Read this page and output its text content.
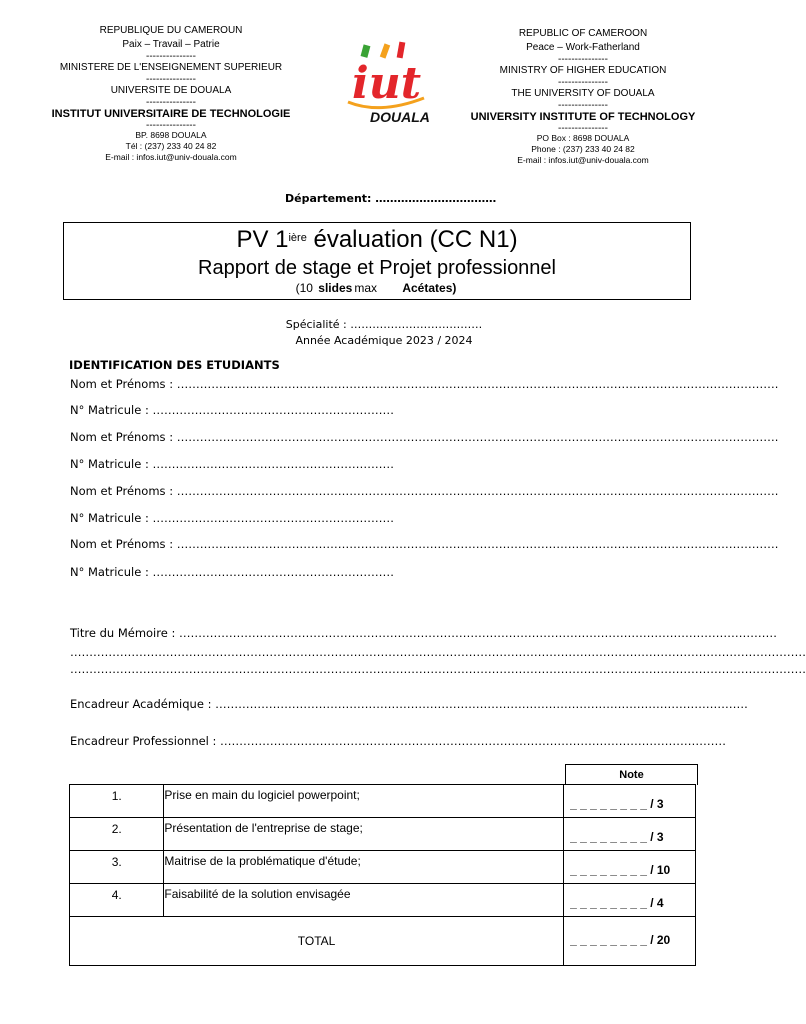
REPUBLIQUE DU CAMEROUN
Paix – Travail – Patrie
---------------
MINISTERE DE L'ENSEIGNEMENT SUPERIEUR
---------------
UNIVERSITE DE DOUALA
---------------
INSTITUT UNIVERSITAIRE DE TECHNOLOGIE
---------------
BP. 8698 DOUALA
Tél : (237) 233 40 24 82
E-mail : infos.iut@univ-douala.com
iut
DOUALA
REPUBLIC OF CAMEROON
Peace – Work-Fatherland
---------------
MINISTRY OF HIGHER EDUCATION
---------------
THE UNIVERSITY OF DOUALA
---------------
UNIVERSITY INSTITUTE OF TECHNOLOGY
---------------
PO Box : 8698 DOUALA
Phone : (237) 233 40 24 82
E-mail : infos.iut@univ-douala.com
Département: ……………………………
PV $1^{ière}$ évaluation (CC N1)
Rapport de stage et Projet professionnel
(10 slides max Acétates)
Spécialité : ………………………………
Année Académique 2023 / 2024
IDENTIFICATION DES ETUDIANTS
Nom et Prénoms : ………………………………………………………………………………………………………………………………………….
N° Matricule : ………………………………………………………
Nom et Prénoms : ………………………………………………………………………………………………………………………………………….
N° Matricule : ………………………………………………………
Nom et Prénoms : ………………………………………………………………………………………………………………………………………….
N° Matricule : ………………………………………………………
Nom et Prénoms : ………………………………………………………………………………………………………………………………………….
N° Matricule : ………………………………………………………
Titre du Mémoire : …………………………………………………………………………………………………………………………………………
…………………………………………………………………………………………………………………………………………………………………………
…………………………………………………………………………………………………………………………………………………………………………
Encadreur Académique : ………………………………………………………………………………………………………………………….
Encadreur Professionnel : ……………………………………………………………………………………………………………………
Note
1.	Prise en main du logiciel powerpoint;	_ _ _ _ _ _ _ _ / 3

2.	Présentation de l'entreprise de stage;	_ _ _ _ _ _ _ _ / 3

3.	Maitrise de la problématique d'étude;	_ _ _ _ _ _ _ _ / 10

4.	Faisabilité de la solution envisagée	_ _ _ _ _ _ _ _ / 4

TOTAL		_ _ _ _ _ _ _ _ / 20
